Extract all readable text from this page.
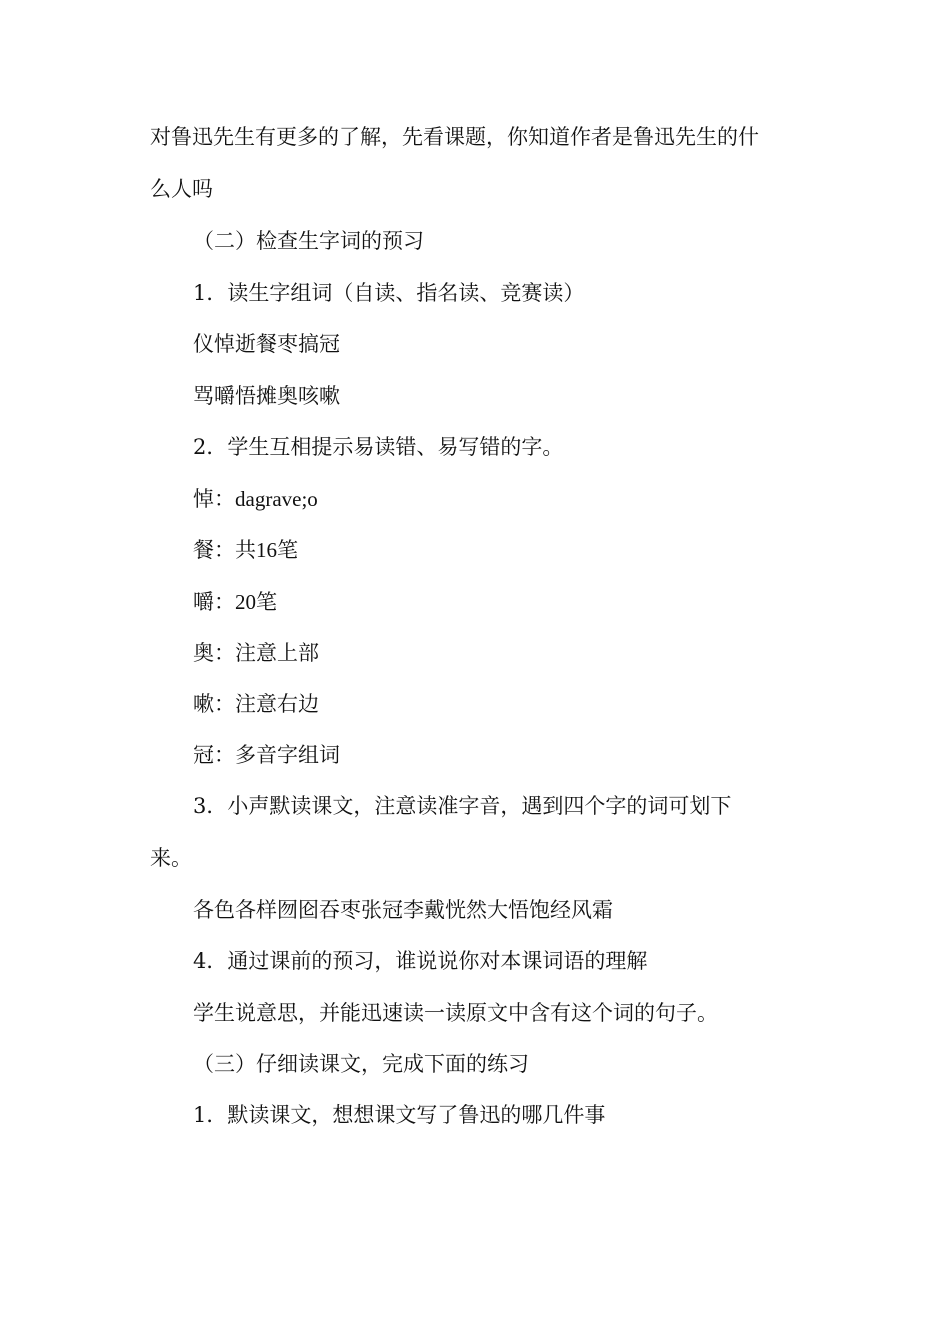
对鲁迅先生有更多的了解，先看课题，你知道作者是鲁迅先生的什
么人吗
（二）检查生字词的预习
1．读生字组词（自读、指名读、竞赛读）
仪悼逝餐枣搞冠
骂嚼悟摊奥咳嗽
2．学生互相提示易读错、易写错的字。
悼：dagrave;o
餐：共16笔
嚼：20笔
奥：注意上部
嗽：注意右边
冠：多音字组词
3．小声默读课文，注意读准字音，遇到四个字的词可划下
来。
各色各样囫囵吞枣张冠李戴恍然大悟饱经风霜
4．通过课前的预习，谁说说你对本课词语的理解
学生说意思，并能迅速读一读原文中含有这个词的句子。
（三）仔细读课文，完成下面的练习
1．默读课文，想想课文写了鲁迅的哪几件事
